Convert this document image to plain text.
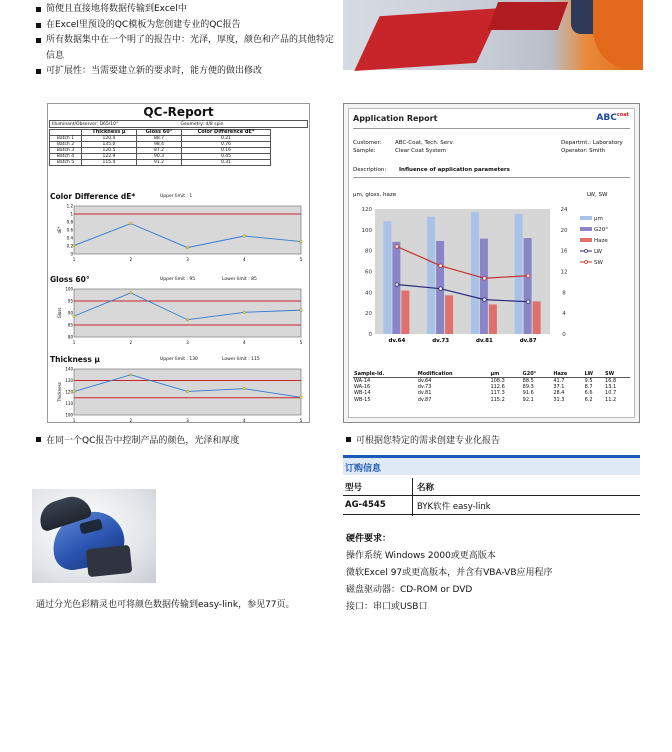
简便且直接地将数据传输到Excel中
在Excel里预设的QC模板为您创建专业的QC报告
所有数据集中在一个明了的报告中：光泽，厚度，颜色和产品的其他特定信息
可扩展性：当需要建立新的要求时，能方便的做出修改
QC-Report
Illuminant/Observer: D65/10°	Geometry: d/8 spin
	Thickness μ	Gloss 60°	Color Difference dE*
Batch 1	120.4	88.7	0.21
Batch 2	135.0	98.4	0.76
Batch 3	120.5	87.2	0.16
Batch 4	122.9	90.3	0.45
Batch 5	115.4	91.2	0.31
Color Difference dE*	Upper limit : 1
dE*
0
0.2
0.4
0.6
0.8
1
1.2
1	2	3	4	5
Gloss 60°	Upper limit : 95	Lower limit : 85
Gloss
80
85
90
95
100
1	2	3	4	5
Thickness μ	Upper limit : 130	Lower limit : 115
Thickness
100
110
120
130
140
1	2	3	4	5
Application Report	$ABC^{coat}$
Customer: ABC-Coat, Tech. Serv.
Sample:	Clear Coat System
Departmt.: Laboratory
Operator: Smith
Description: Influence of application parameters
μm, gloss, haze	LW, SW
0
20
40
60
80
100
120
0
4
8
12
16
20
24
dv.64	dv.73	dv.81	dv.87
μm
G20°
Haze
LW
SW
Sample-Id.	Modification	μm	G20°	Haze	LW	SW
WA-14	dv.64	108.3	88.5	41.7	9.5	16.8
WA-16	dv.73	112.6	89.3	37.1	8.7	13.1
WB-14	dv.81	117.3	91.6	28.4	6.6	10.7
WB-15	dv.87	115.2	92.1	31.3	6.2	11.2
在同一个QC报告中控制产品的颜色，光泽和厚度	可根据您特定的需求创建专业化报告
订购信息
型号	名称
AG-4545	BYK软件 easy-link
硬件要求：
操作系统 Windows 2000或更高版本
微软Excel 97或更高版本，并含有VBA-VB应用程序
磁盘驱动器：CD-ROM or DVD
接口：串口或USB口
通过分光色彩精灵也可将颜色数据传输到easy-link，参见77页。
